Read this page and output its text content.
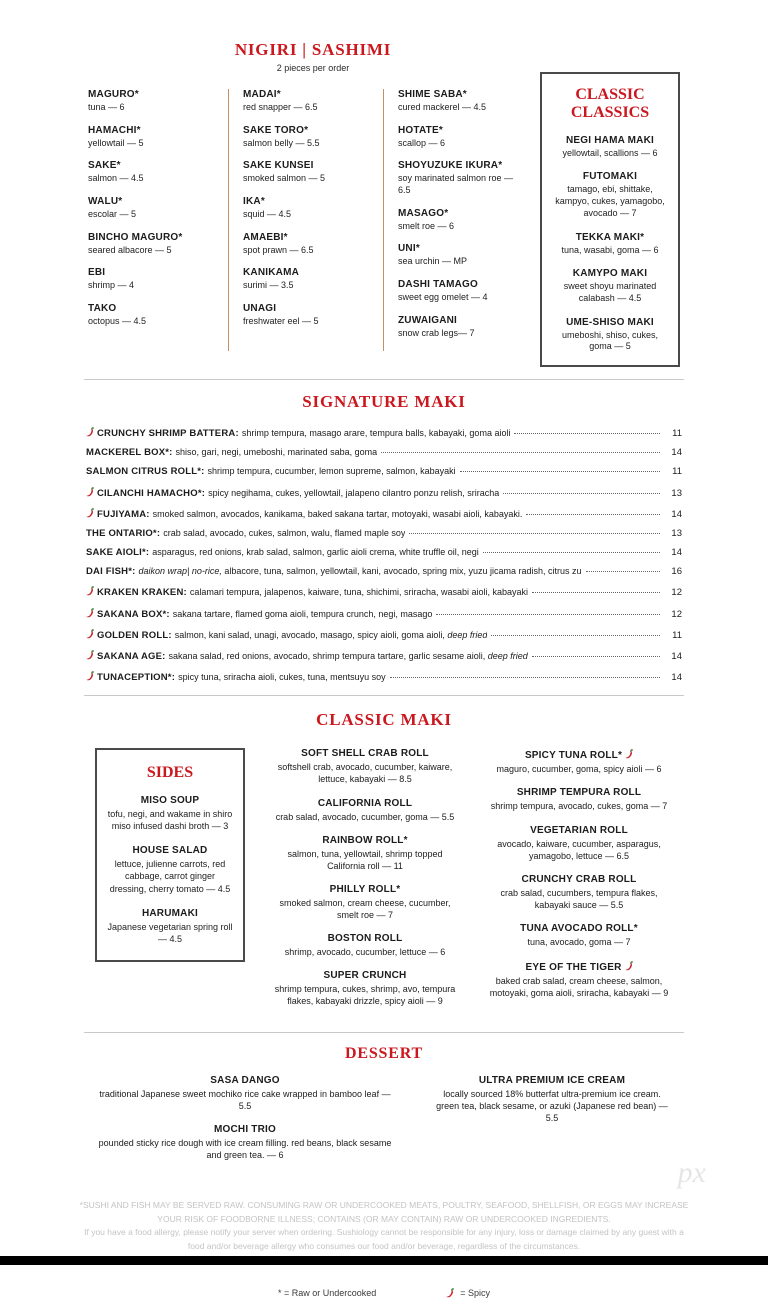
NIGIRI | SASHIMI
2 pieces per order
MAGURO*
tuna — 6
HAMACHI*
yellowtail — 5
SAKE*
salmon — 4.5
WALU*
escolar — 5
BINCHO MAGURO*
seared albacore — 5
EBI
shrimp — 4
TAKO
octopus — 4.5
MADAI*
red snapper — 6.5
SAKE TORO*
salmon belly — 5.5
SAKE KUNSEI
smoked salmon — 5
IKA*
squid — 4.5
AMAEBI*
spot prawn — 6.5
KANIKAMA
surimi — 3.5
UNAGI
freshwater eel — 5
SHIME SABA*
cured mackerel — 4.5
HOTATE*
scallop — 6
SHOYUZUKE IKURA*
soy marinated salmon roe — 6.5
MASAGO*
smelt roe — 6
UNI*
sea urchin — MP
DASHI TAMAGO
sweet egg omelet — 4
ZUWAIGANI
snow crab legs— 7
CLASSIC CLASSICS
NEGI HAMA MAKI
yellowtail, scallions — 6
FUTOMAKI
tamago, ebi, shittake, kampyo, cukes, yamagobo, avocado — 7
TEKKA MAKI*
tuna, wasabi, goma — 6
KAMYPO MAKI
sweet shoyu marinated calabash — 4.5
UME-SHISO MAKI
umeboshi, shiso, cukes, goma — 5
SIGNATURE MAKI
CRUNCHY SHRIMP BATTERA: shrimp tempura, masago arare, tempura balls, kabayaki, goma aioli	11
MACKEREL BOX*: shiso, gari, negi, umeboshi, marinated saba, goma	14
SALMON CITRUS ROLL*: shrimp tempura, cucumber, lemon supreme, salmon, kabayaki	11
CILANCHI HAMACHO*: spicy negihama, cukes, yellowtail, jalapeno cilantro ponzu relish, sriracha	13
FUJIYAMA: smoked salmon, avocados, kanikama, baked sakana tartar, motoyaki, wasabi aioli, kabayaki.	14
THE ONTARIO*: crab salad, avocado, cukes, salmon, walu, flamed maple soy	13
SAKE AIOLI*: asparagus, red onions, krab salad, salmon, garlic aioli crema, white truffle oil, negi	14
DAI FISH*: daikon wrap| no-rice, albacore, tuna, salmon, yellowtail, kani, avocado, spring mix, yuzu jicama radish, citrus zu	16
KRAKEN KRAKEN: calamari tempura, jalapenos, kaiware, tuna, shichimi, sriracha, wasabi aioli, kabayaki	12
SAKANA BOX*: sakana tartare, flamed goma aioli, tempura crunch, negi, masago	12
GOLDEN ROLL: salmon, kani salad, unagi, avocado, masago, spicy aioli, goma aioli, deep fried	11
SAKANA AGE: sakana salad, red onions, avocado, shrimp tempura tartare, garlic sesame aioli, deep fried	14
TUNACEPTION*: spicy tuna, sriracha aioli, cukes, tuna, mentsuyu soy	14
CLASSIC MAKI
SIDES
MISO SOUP
tofu, negi, and wakame in shiro miso infused dashi broth — 3
HOUSE SALAD
lettuce, julienne carrots, red cabbage, carrot ginger dressing, cherry tomato — 4.5
HARUMAKI
Japanese vegetarian spring roll — 4.5
SOFT SHELL CRAB ROLL
softshell crab, avocado, cucumber, kaiware, lettuce, kabayaki — 8.5
CALIFORNIA ROLL
crab salad, avocado, cucumber, goma — 5.5
RAINBOW ROLL*
salmon, tuna, yellowtail, shrimp topped California roll — 11
PHILLY ROLL*
smoked salmon, cream cheese, cucumber, smelt roe — 7
BOSTON ROLL
shrimp, avocado, cucumber, lettuce — 6
SUPER CRUNCH
shrimp tempura, cukes, shrimp, avo, tempura flakes, kabayaki drizzle, spicy aioli — 9
SPICY TUNA ROLL*
maguro, cucumber, goma, spicy aioli — 6
SHRIMP TEMPURA ROLL
shrimp tempura, avocado, cukes, goma — 7
VEGETARIAN ROLL
avocado, kaiware, cucumber, asparagus, yamagobo, lettuce — 6.5
CRUNCHY CRAB ROLL
crab salad, cucumbers, tempura flakes, kabayaki sauce — 5.5
TUNA AVOCADO ROLL*
tuna, avocado, goma — 7
EYE OF THE TIGER
baked crab salad, cream cheese, salmon, motoyaki, goma aioli, sriracha, kabayaki — 9
DESSERT
SASA DANGO
traditional Japanese sweet mochiko rice cake wrapped in bamboo leaf — 5.5
MOCHI TRIO
pounded sticky rice dough with ice cream filling. red beans, black sesame and green tea. — 6
ULTRA PREMIUM ICE CREAM
locally sourced 18% butterfat ultra-premium ice cream. green tea, black sesame, or azuki (Japanese red bean) — 5.5

*SUSHI AND FISH MAY BE SERVED RAW. CONSUMING RAW OR UNDERCOOKED MEATS, POULTRY, SEAFOOD, SHELLFISH, OR EGGS MAY INCREASE YOUR RISK OF FOODBORNE ILLNESS; CONTAINS (OR MAY CONTAIN) RAW OR UNDERCOOKED INGREDIENTS.

If you have a food allergy, please notify your server when ordering. Sushiology cannot be responsible for any injury, loss or damage claimed by any guest with a food and/or beverage allergy who consumes our food and/or beverage, regardless of the circumstances.

* = Raw or Undercooked	= Spicy
px
